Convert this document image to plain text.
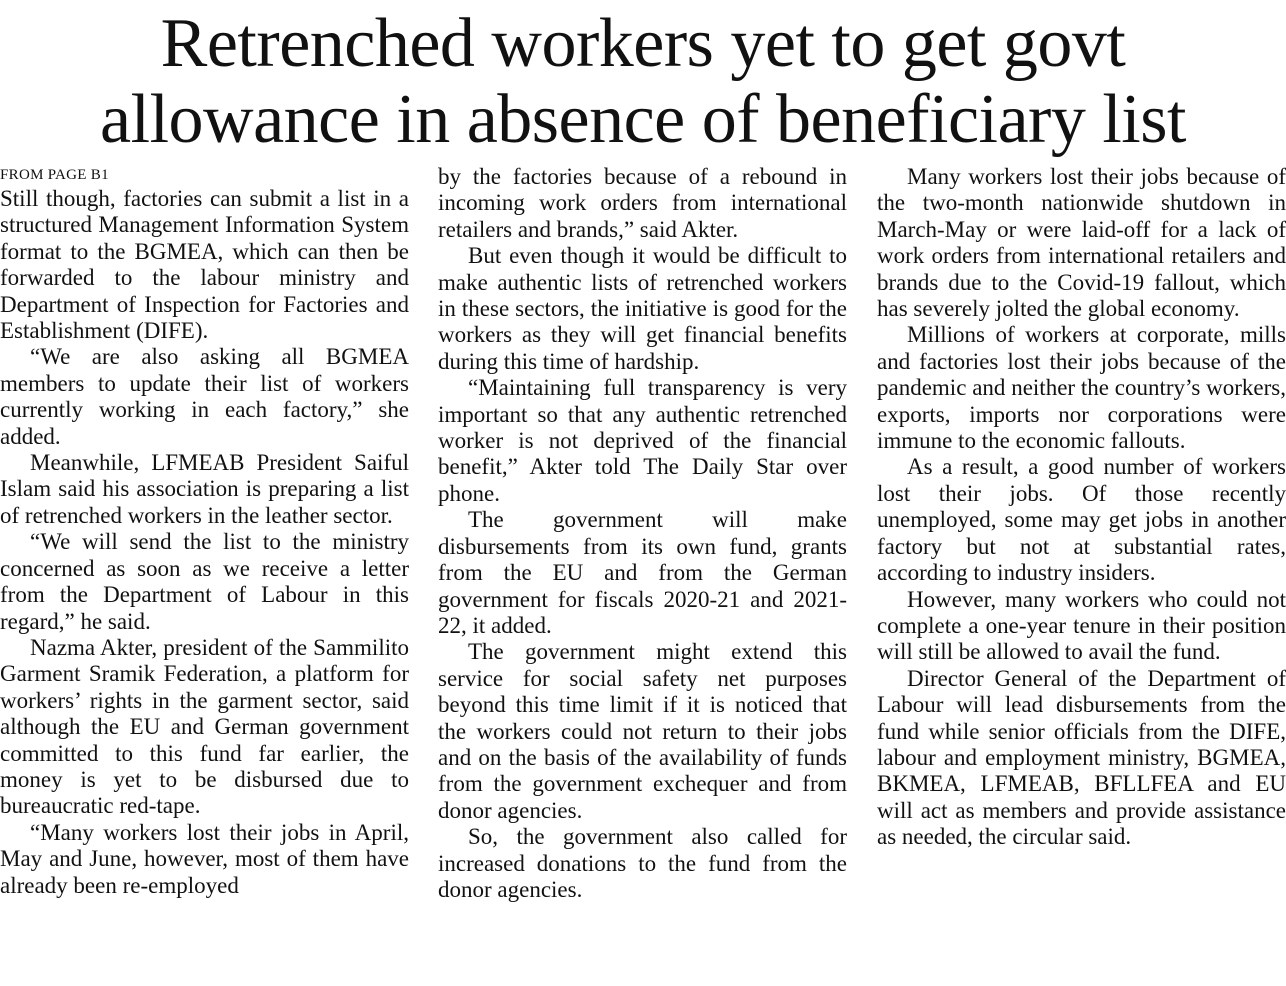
Retrenched workers yet to get govt
allowance in absence of beneficiary list
FROM PAGE B1

Still though, factories can submit a list in a structured Management Information System format to the BGMEA, which can then be forwarded to the labour ministry and Department of Inspection for Factories and Establishment (DIFE).

“We are also asking all BGMEA members to update their list of workers currently working in each factory,” she added.

Meanwhile, LFMEAB President Saiful Islam said his association is preparing a list of retrenched workers in the leather sector.

“We will send the list to the ministry concerned as soon as we receive a letter from the Department of Labour in this regard,” he said.

Nazma Akter, president of the Sammilito Garment Sramik Federation, a platform for workers’ rights in the garment sector, said although the EU and German government committed to this fund far earlier, the money is yet to be disbursed due to bureaucratic red-tape.

“Many workers lost their jobs in April, May and June, however, most of them have already been re-employed

by the factories because of a rebound in incoming work orders from international retailers and brands,” said Akter.

But even though it would be difficult to make authentic lists of retrenched workers in these sectors, the initiative is good for the workers as they will get financial benefits during this time of hardship.

“Maintaining full transparency is very important so that any authentic retrenched worker is not deprived of the financial benefit,” Akter told The Daily Star over phone.

The government will make disbursements from its own fund, grants from the EU and from the German government for fiscals 2020-21 and 2021-22, it added.

The government might extend this service for social safety net purposes beyond this time limit if it is noticed that the workers could not return to their jobs and on the basis of the availability of funds from the government exchequer and from donor agencies.

So, the government also called for increased donations to the fund from the donor agencies.

Many workers lost their jobs because of the two-month nationwide shutdown in March-May or were laid-off for a lack of work orders from international retailers and brands due to the Covid-19 fallout, which has severely jolted the global economy.

Millions of workers at corporate, mills and factories lost their jobs because of the pandemic and neither the country’s workers, exports, imports nor corporations were immune to the economic fallouts.

As a result, a good number of workers lost their jobs. Of those recently unemployed, some may get jobs in another factory but not at substantial rates, according to industry insiders.

However, many workers who could not complete a one-year tenure in their position will still be allowed to avail the fund.

Director General of the Department of Labour will lead disbursements from the fund while senior officials from the DIFE, labour and employment ministry, BGMEA, BKMEA, LFMEAB, BFLLFEA and EU will act as members and provide assistance as needed, the circular said.
